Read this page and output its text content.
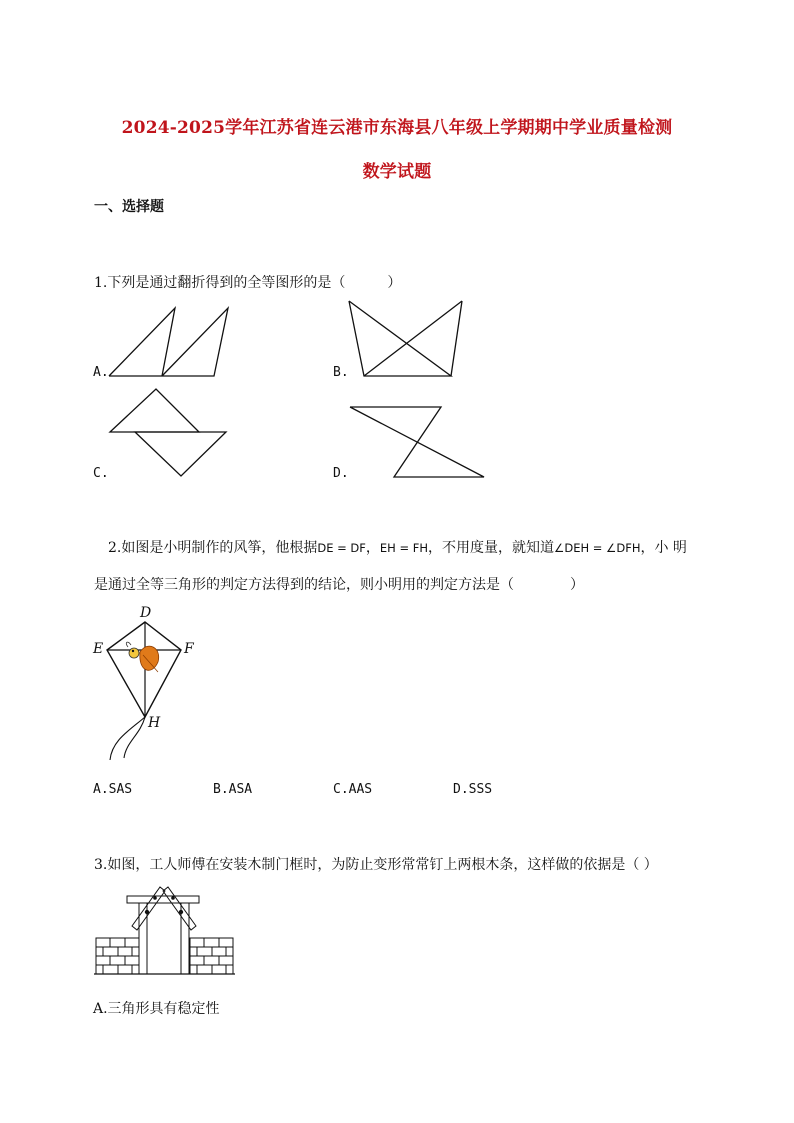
2024-2025学年江苏省连云港市东海县八年级上学期期中学业质量检测
数学试题
一、选择题
1.下列是通过翻折得到的全等图形的是（　　　）
A.	B.
C.	D.
2.如图是小明制作的风筝，他根据DE = DF，EH = FH，不用度量，就知道∠DEH = ∠DFH，小 明
是通过全等三角形的判定方法得到的结论，则小明用的判定方法是（　　　　）
D
E	F
H
A.SAS	B.ASA	C.AAS	D.SSS
3.如图，工人师傅在安装木制门框时，为防止变形常常钉上两根木条，这样做的依据是（ ）
A.三角形具有稳定性
